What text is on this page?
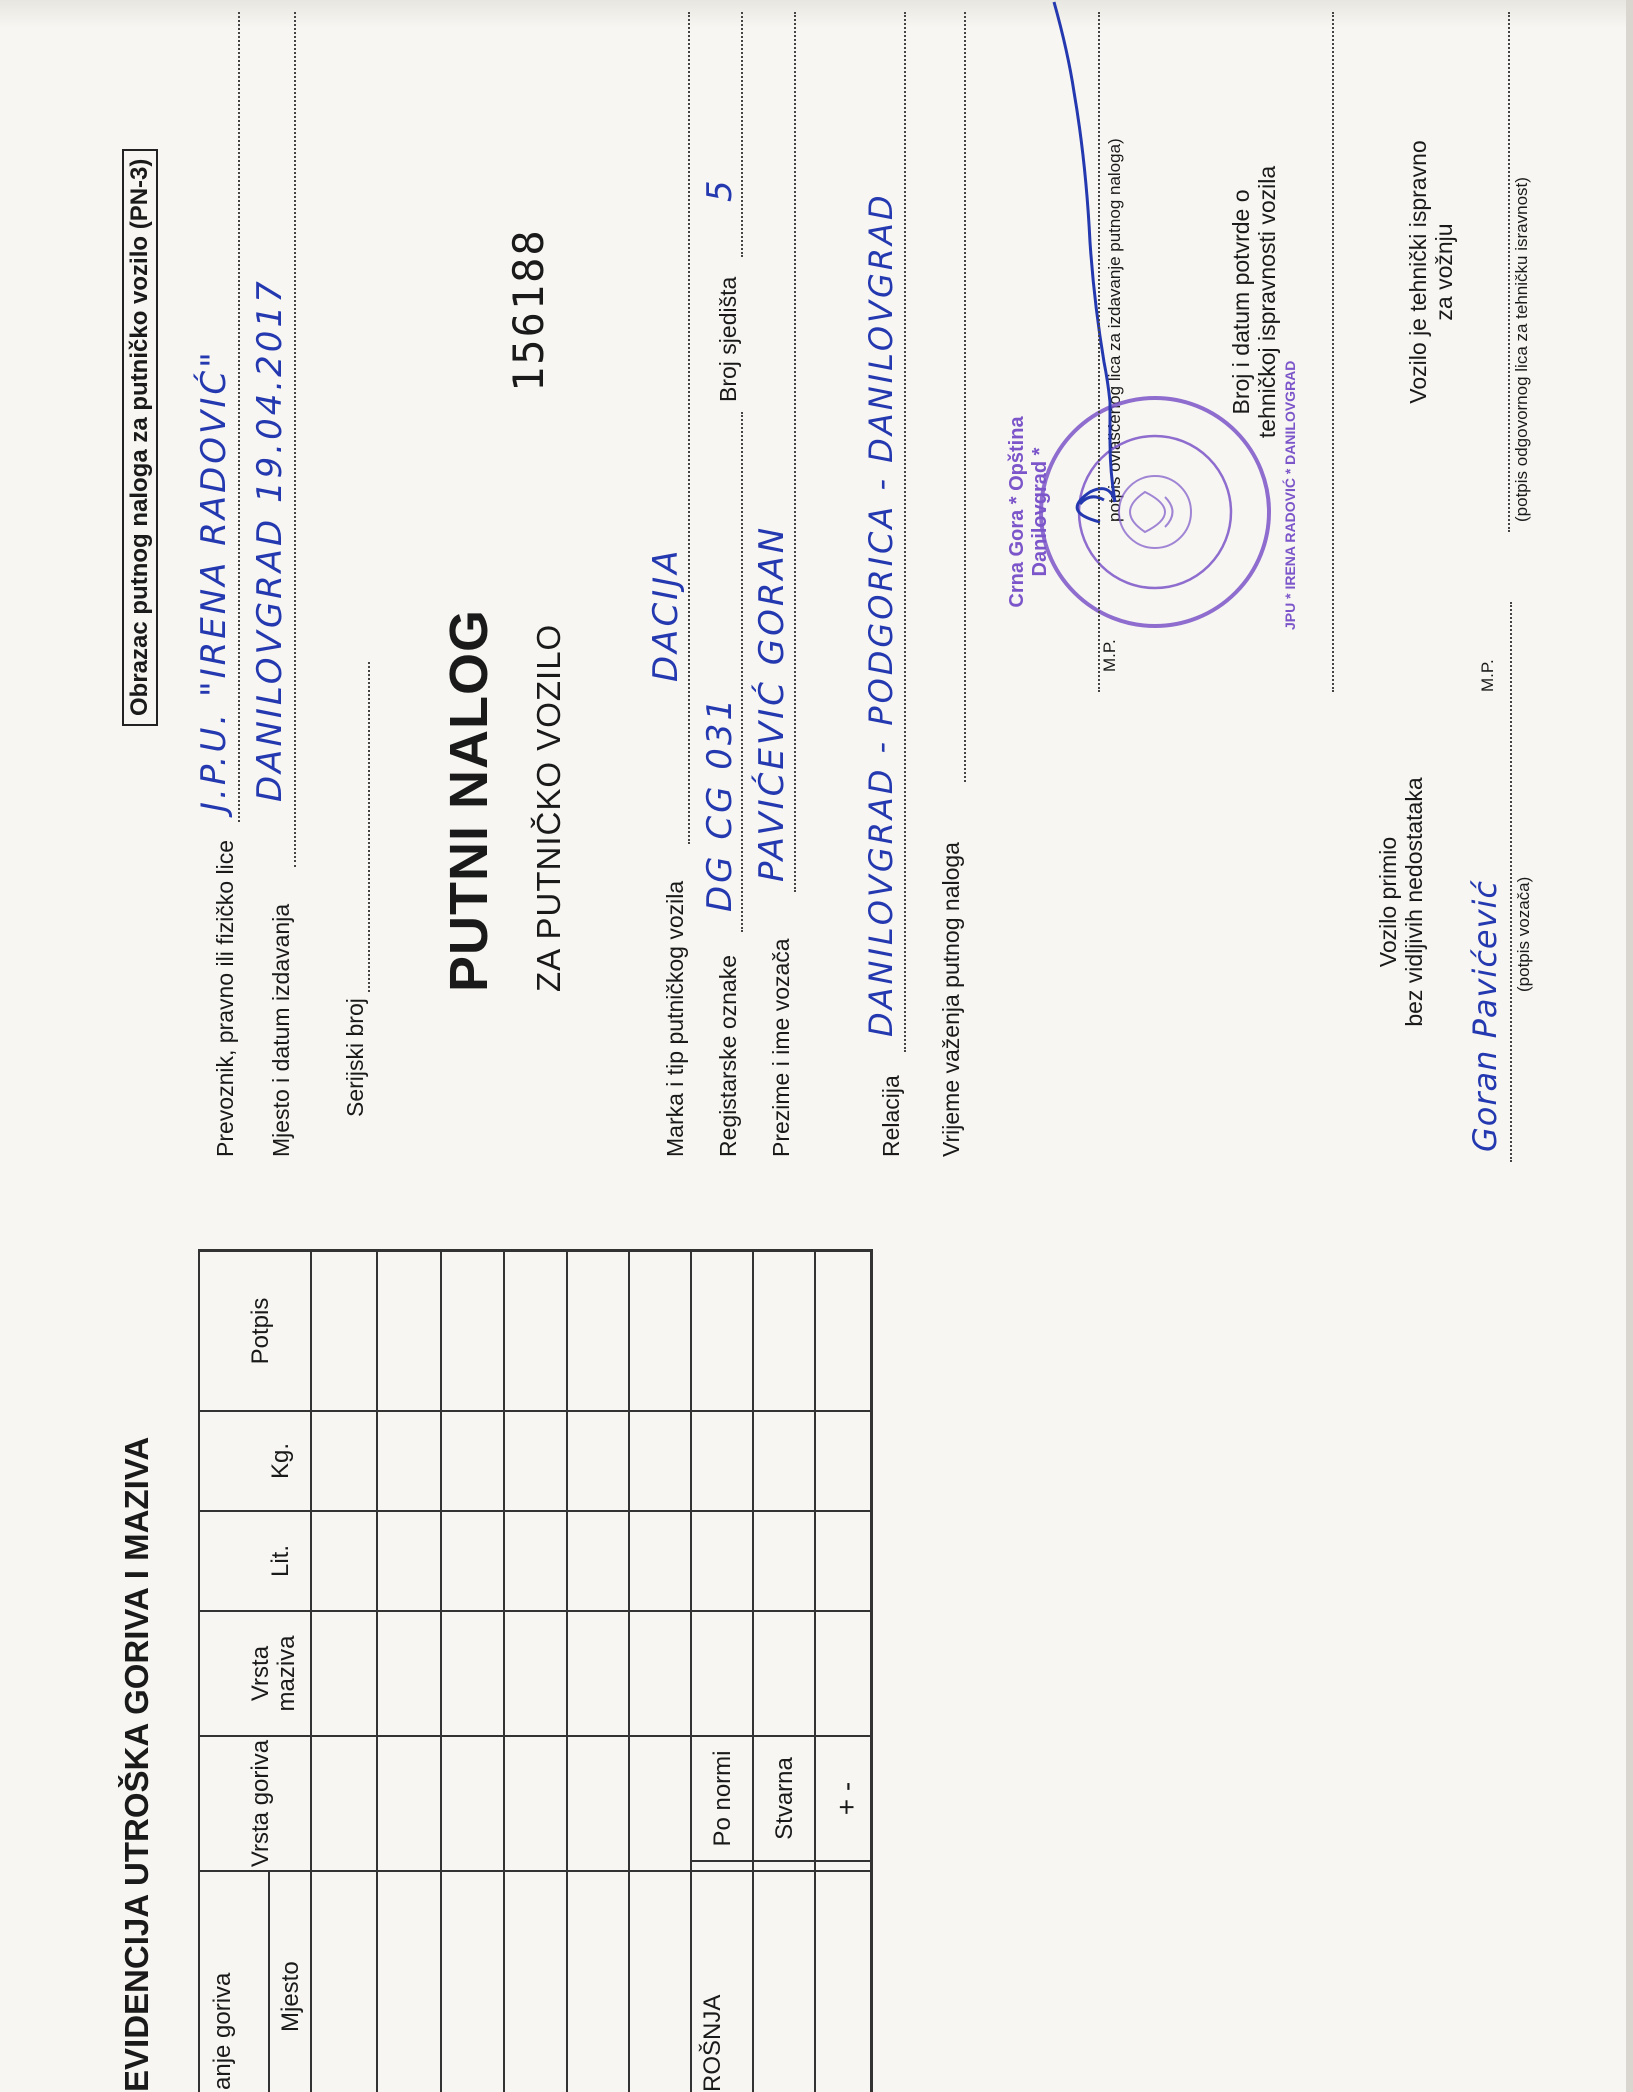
EVIDENCIJA UTROŠKA GORIVA I MAZIVA anje goriva Mjesto
Vrsta goriva
Vrsta maziva
Lit.
Kg.
Potpis
ROŠNJA
Po normi Stvarna + -
Obrazac putnog naloga za putničko vozilo (PN-3)
Prevoznik, pravno ili fizičko lice
J.P.U. "IRENA RADOVIĆ"
Mjesto i datum izdavanja
DANILOVGRAD 19.04.2017
Serijski broj
PUTNI NALOG ZA PUTNIČKO VOZILO
156188
Marka i tip putničkog vozila
DACIJA
Registarske oznake
DG CG 031
Broj sjedišta
5
Prezime i ime vozača
PAVIĆEVIĆ GORAN
Relacija
DANILOVGRAD - PODGORICA - DANILOVGRAD Vrijeme važenja putnog naloga
M.P.
potpis ovlašćenog lica za izdavanje putnog naloga)
Crna Gora * Opština Danilovgrad *	JPU * IRENA RADOVIĆ * DANILOVGRAD
Broj i datum potvrde o tehničkoj ispravnosti vozila	Vozilo je tehnički ispravno za vožnju
M.P.
(potpis odgovornog lica za tehničku isravnost)
Vozilo primio bez vidljivih nedostataka Goran Pavićević (potpis vozača)
